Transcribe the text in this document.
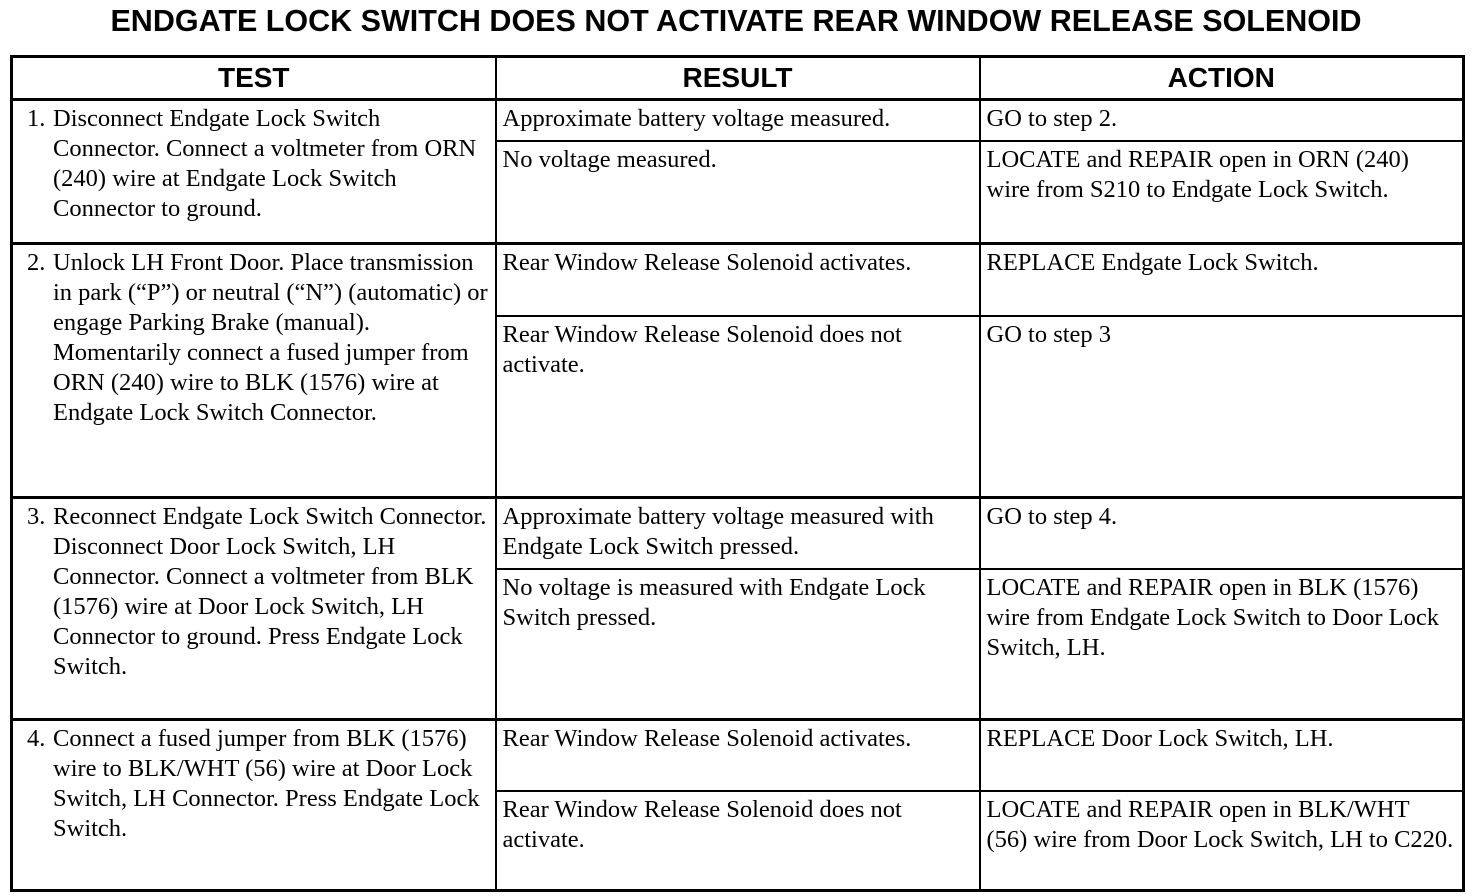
ENDGATE LOCK SWITCH DOES NOT ACTIVATE REAR WINDOW RELEASE SOLENOID
TEST	RESULT	ACTION

1. Disconnect Endgate Lock Switch Connector. Connect a voltmeter from ORN (240) wire at Endgate Lock Switch Connector to ground.	Approximate battery voltage measured.	GO to step 2.
	No voltage measured.	LOCATE and REPAIR open in ORN (240) wire from S210 to Endgate Lock Switch.

2. Unlock LH Front Door. Place transmission in park (“P”) or neutral (“N”) (automatic) or engage Parking Brake (manual). Momentarily connect a fused jumper from ORN (240) wire to BLK (1576) wire at Endgate Lock Switch Connector.	Rear Window Release Solenoid activates.	REPLACE Endgate Lock Switch.
	Rear Window Release Solenoid does not activate.	GO to step 3

3. Reconnect Endgate Lock Switch Connector. Disconnect Door Lock Switch, LH Connector. Connect a voltmeter from BLK (1576) wire at Door Lock Switch, LH Connector to ground. Press Endgate Lock Switch.	Approximate battery voltage measured with Endgate Lock Switch pressed.	GO to step 4.
	No voltage is measured with Endgate Lock Switch pressed.	LOCATE and REPAIR open in BLK (1576) wire from Endgate Lock Switch to Door Lock Switch, LH.

4. Connect a fused jumper from BLK (1576) wire to BLK/WHT (56) wire at Door Lock Switch, LH Connector. Press Endgate Lock Switch.	Rear Window Release Solenoid activates.	REPLACE Door Lock Switch, LH.
	Rear Window Release Solenoid does not activate.	LOCATE and REPAIR open in BLK/WHT (56) wire from Door Lock Switch, LH to C220.
